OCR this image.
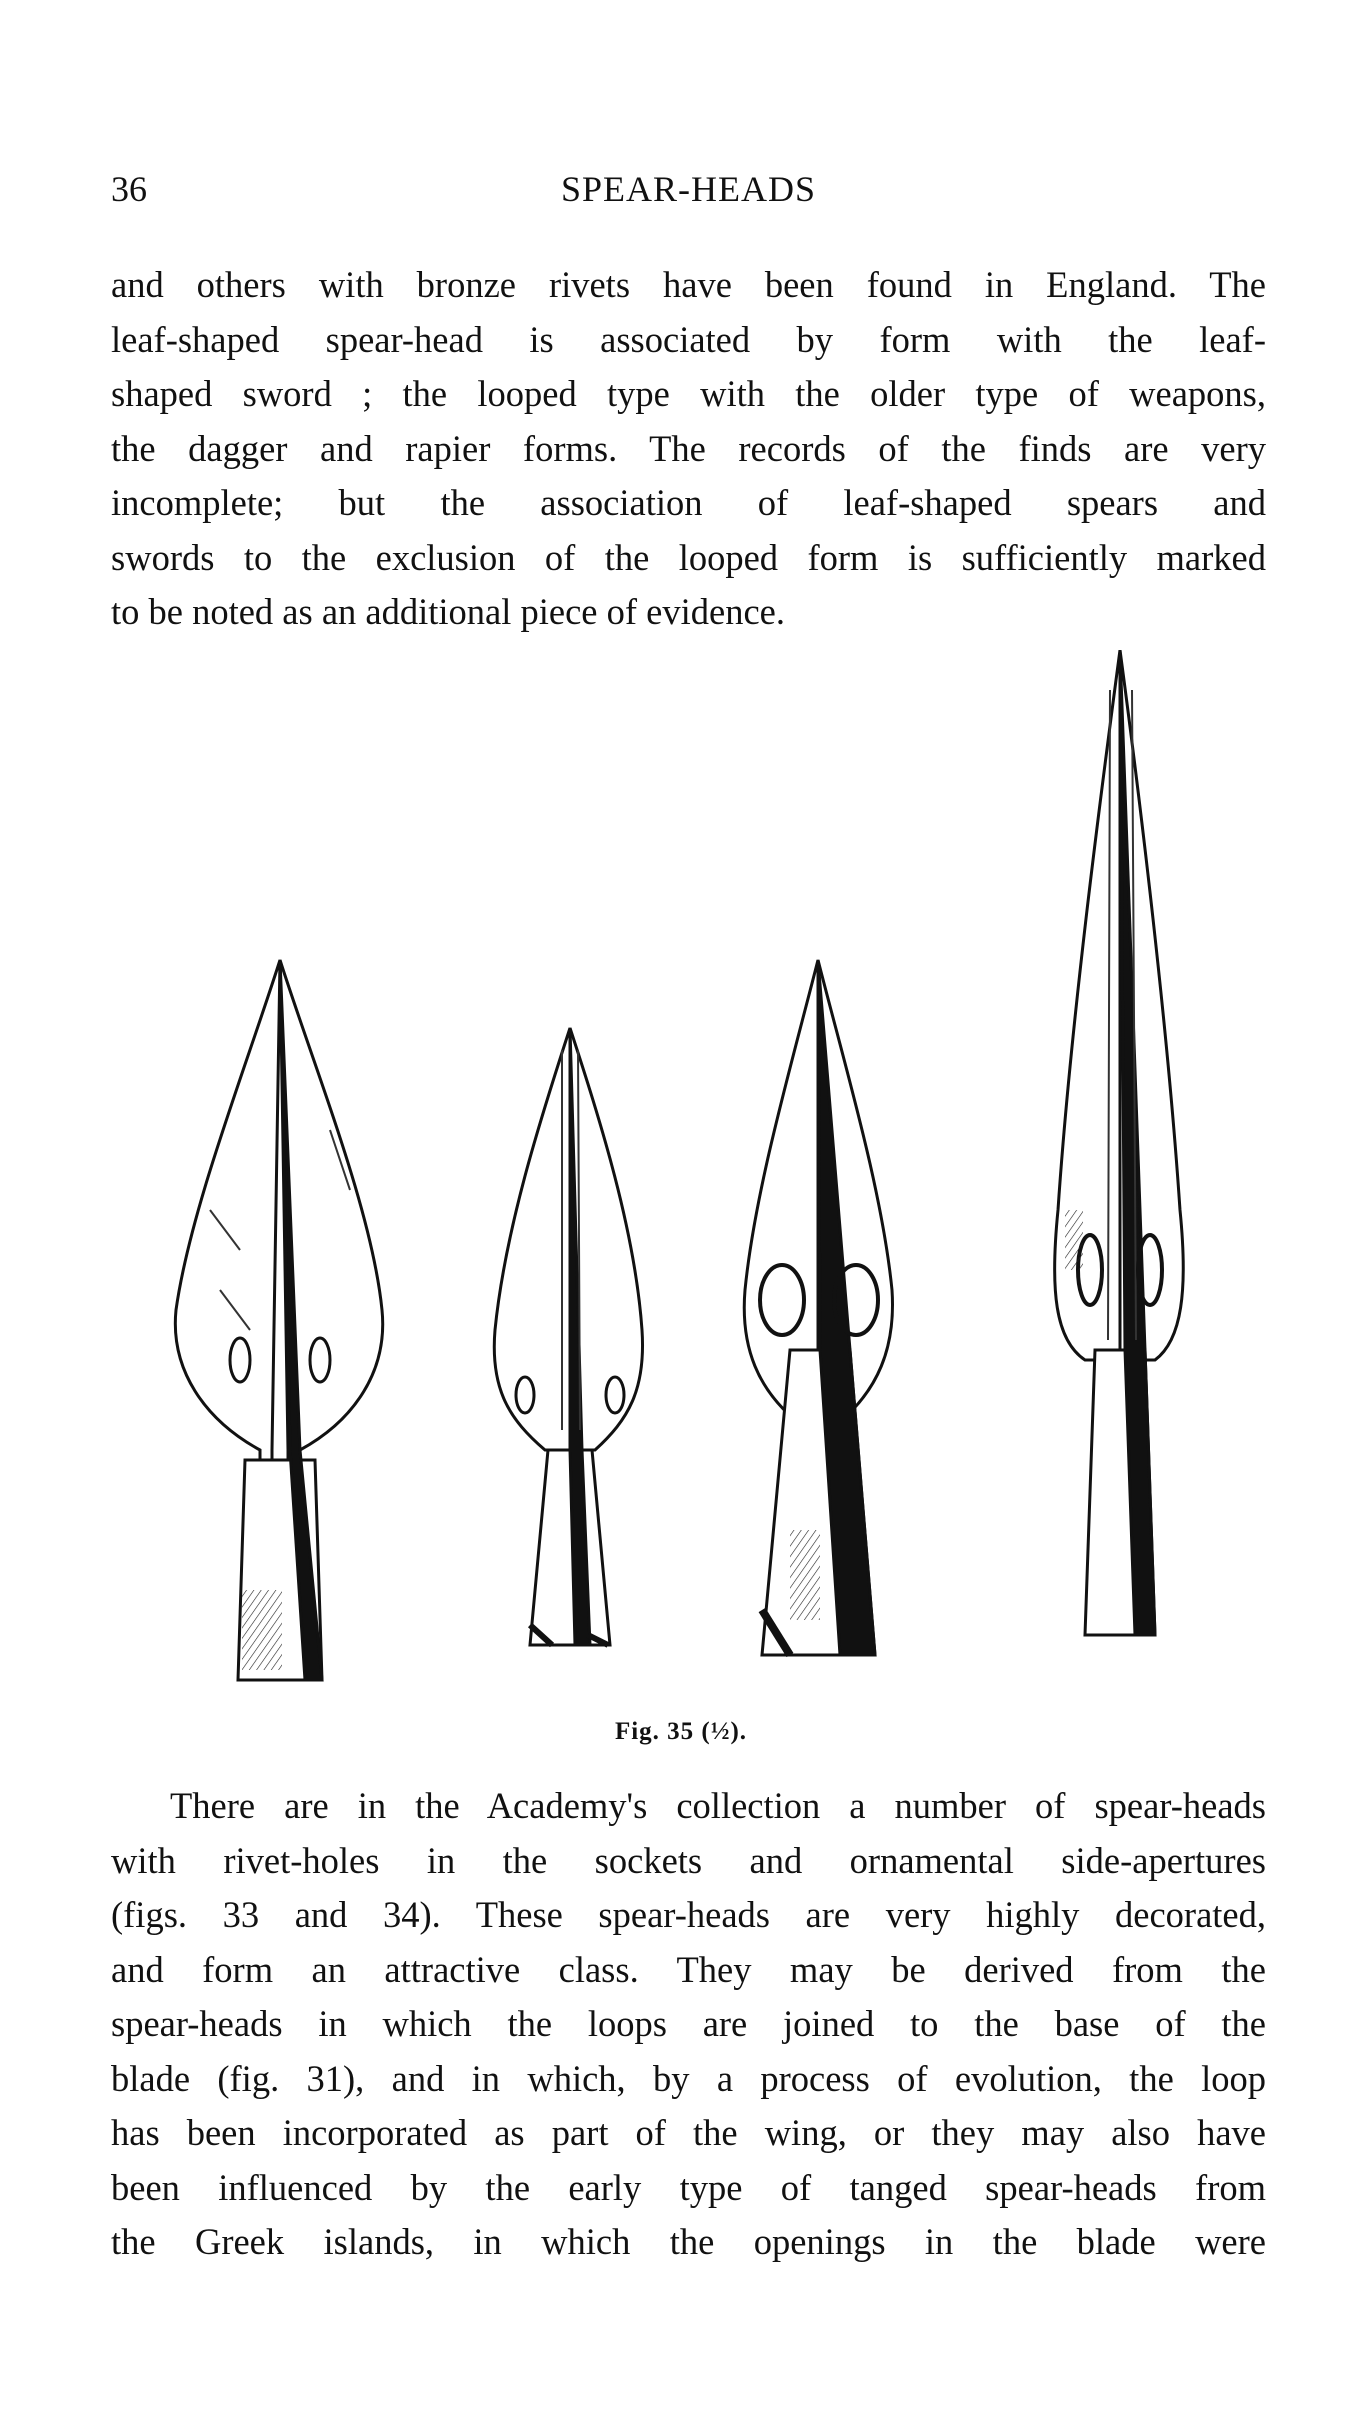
36	SPEAR-HEADS
and others with bronze rivets have been found in England. The
leaf-shaped spear-head is associated by form with the leaf-
shaped sword ; the looped type with the older type of weapons,
the dagger and rapier forms. The records of the finds are very
incomplete; but the association of leaf-shaped spears and
swords to the exclusion of the looped form is sufficiently marked
to be noted as an additional piece of evidence.
Fig. 35 (½).
There are in the Academy's collection a number of spear-heads
with rivet-holes in the sockets and ornamental side-apertures
(figs. 33 and 34). These spear-heads are very highly decorated,
and form an attractive class. They may be derived from the
spear-heads in which the loops are joined to the base of the
blade (fig. 31), and in which, by a process of evolution, the loop
has been incorporated as part of the wing, or they may also have
been influenced by the early type of tanged spear-heads from
the Greek islands, in which the openings in the blade were
